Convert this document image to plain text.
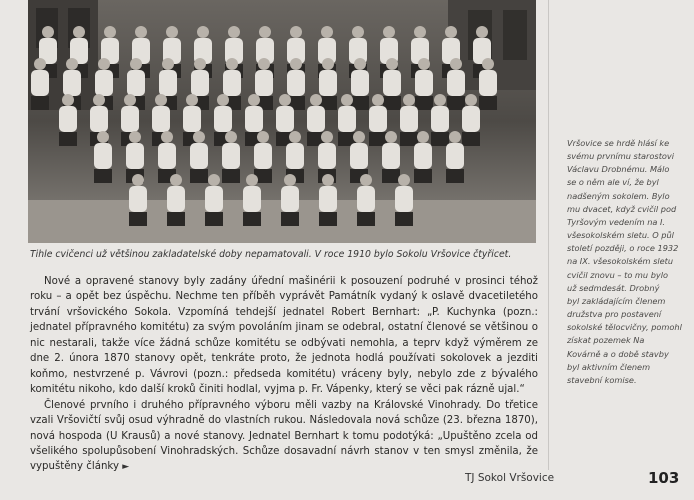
Tihle cvičenci už většinou zakladatelské doby nepamatovali. V roce 1910 bylo Sokolu Vršovice čtyřicet.

Nové a opravené stanovy byly zadány úřední mašinérii k posouzení podruhé v prosinci téhož roku – a opět bez úspěchu. Nechme ten příběh vyprávět Památník vydaný k oslavě dvacetiletého trvání vršovického Sokola. Vzpomíná tehdejší jednatel Robert Bernhart: „P. Kuchynka (pozn.: jednatel přípravného komitétu) za svým povoláním jinam se odebral, ostatní členové se většinou o nic nestarali, takže více žádná schůze komitétu se odbývati nemohla, a teprv když výměrem ze dne 2. února 1870 stanovy opět, tenkráte proto, že jednota hodlá používati sokolovek a jezditi koňmo, nestvrzené p. Vávrovi (pozn.: předseda komitétu) vráceny byly, nebylo zde z bývalého komitétu nikoho, kdo další kroků činiti hodlal, vyjma p. Fr. Vápenky, který se věci pak rázně ujal.“

Členové prvního i druhého přípravného výboru měli vazby na Královské Vinohrady. Do třetice vzali Vršovičtí svůj osud výhradně do vlastních rukou. Následovala nová schůze (23. března 1870), nová hospoda (U Krausů) a nové stanovy. Jednatel Bernhart k tomu podotýká: „Upuštěno zcela od všelikého spolupůsobení Vinohradských. Schůze dosavadní návrh stanov v ten smysl změnila, že vypuštěny články ►

Vršovice se hrdě hlásí ke
svému prvnímu starostovi
Václavu Drobnému. Málo
se o něm ale ví, že byl
nadšeným sokolem. Bylo
mu dvacet, když cvičil pod
Tyršovým vedením na I.
všesokolském sletu. O půl
století později, o roce 1932
na IX. všesokolském sletu
cvičil znovu – to mu bylo
už sedmdesát. Drobný
byl zakládajícím členem
družstva pro postavení
sokolské tělocvičny, pomohl
získat pozemek Na
Kovárně a o době stavby
byl aktivním členem
stavební komise.
TJ Sokol Vršovice	103
